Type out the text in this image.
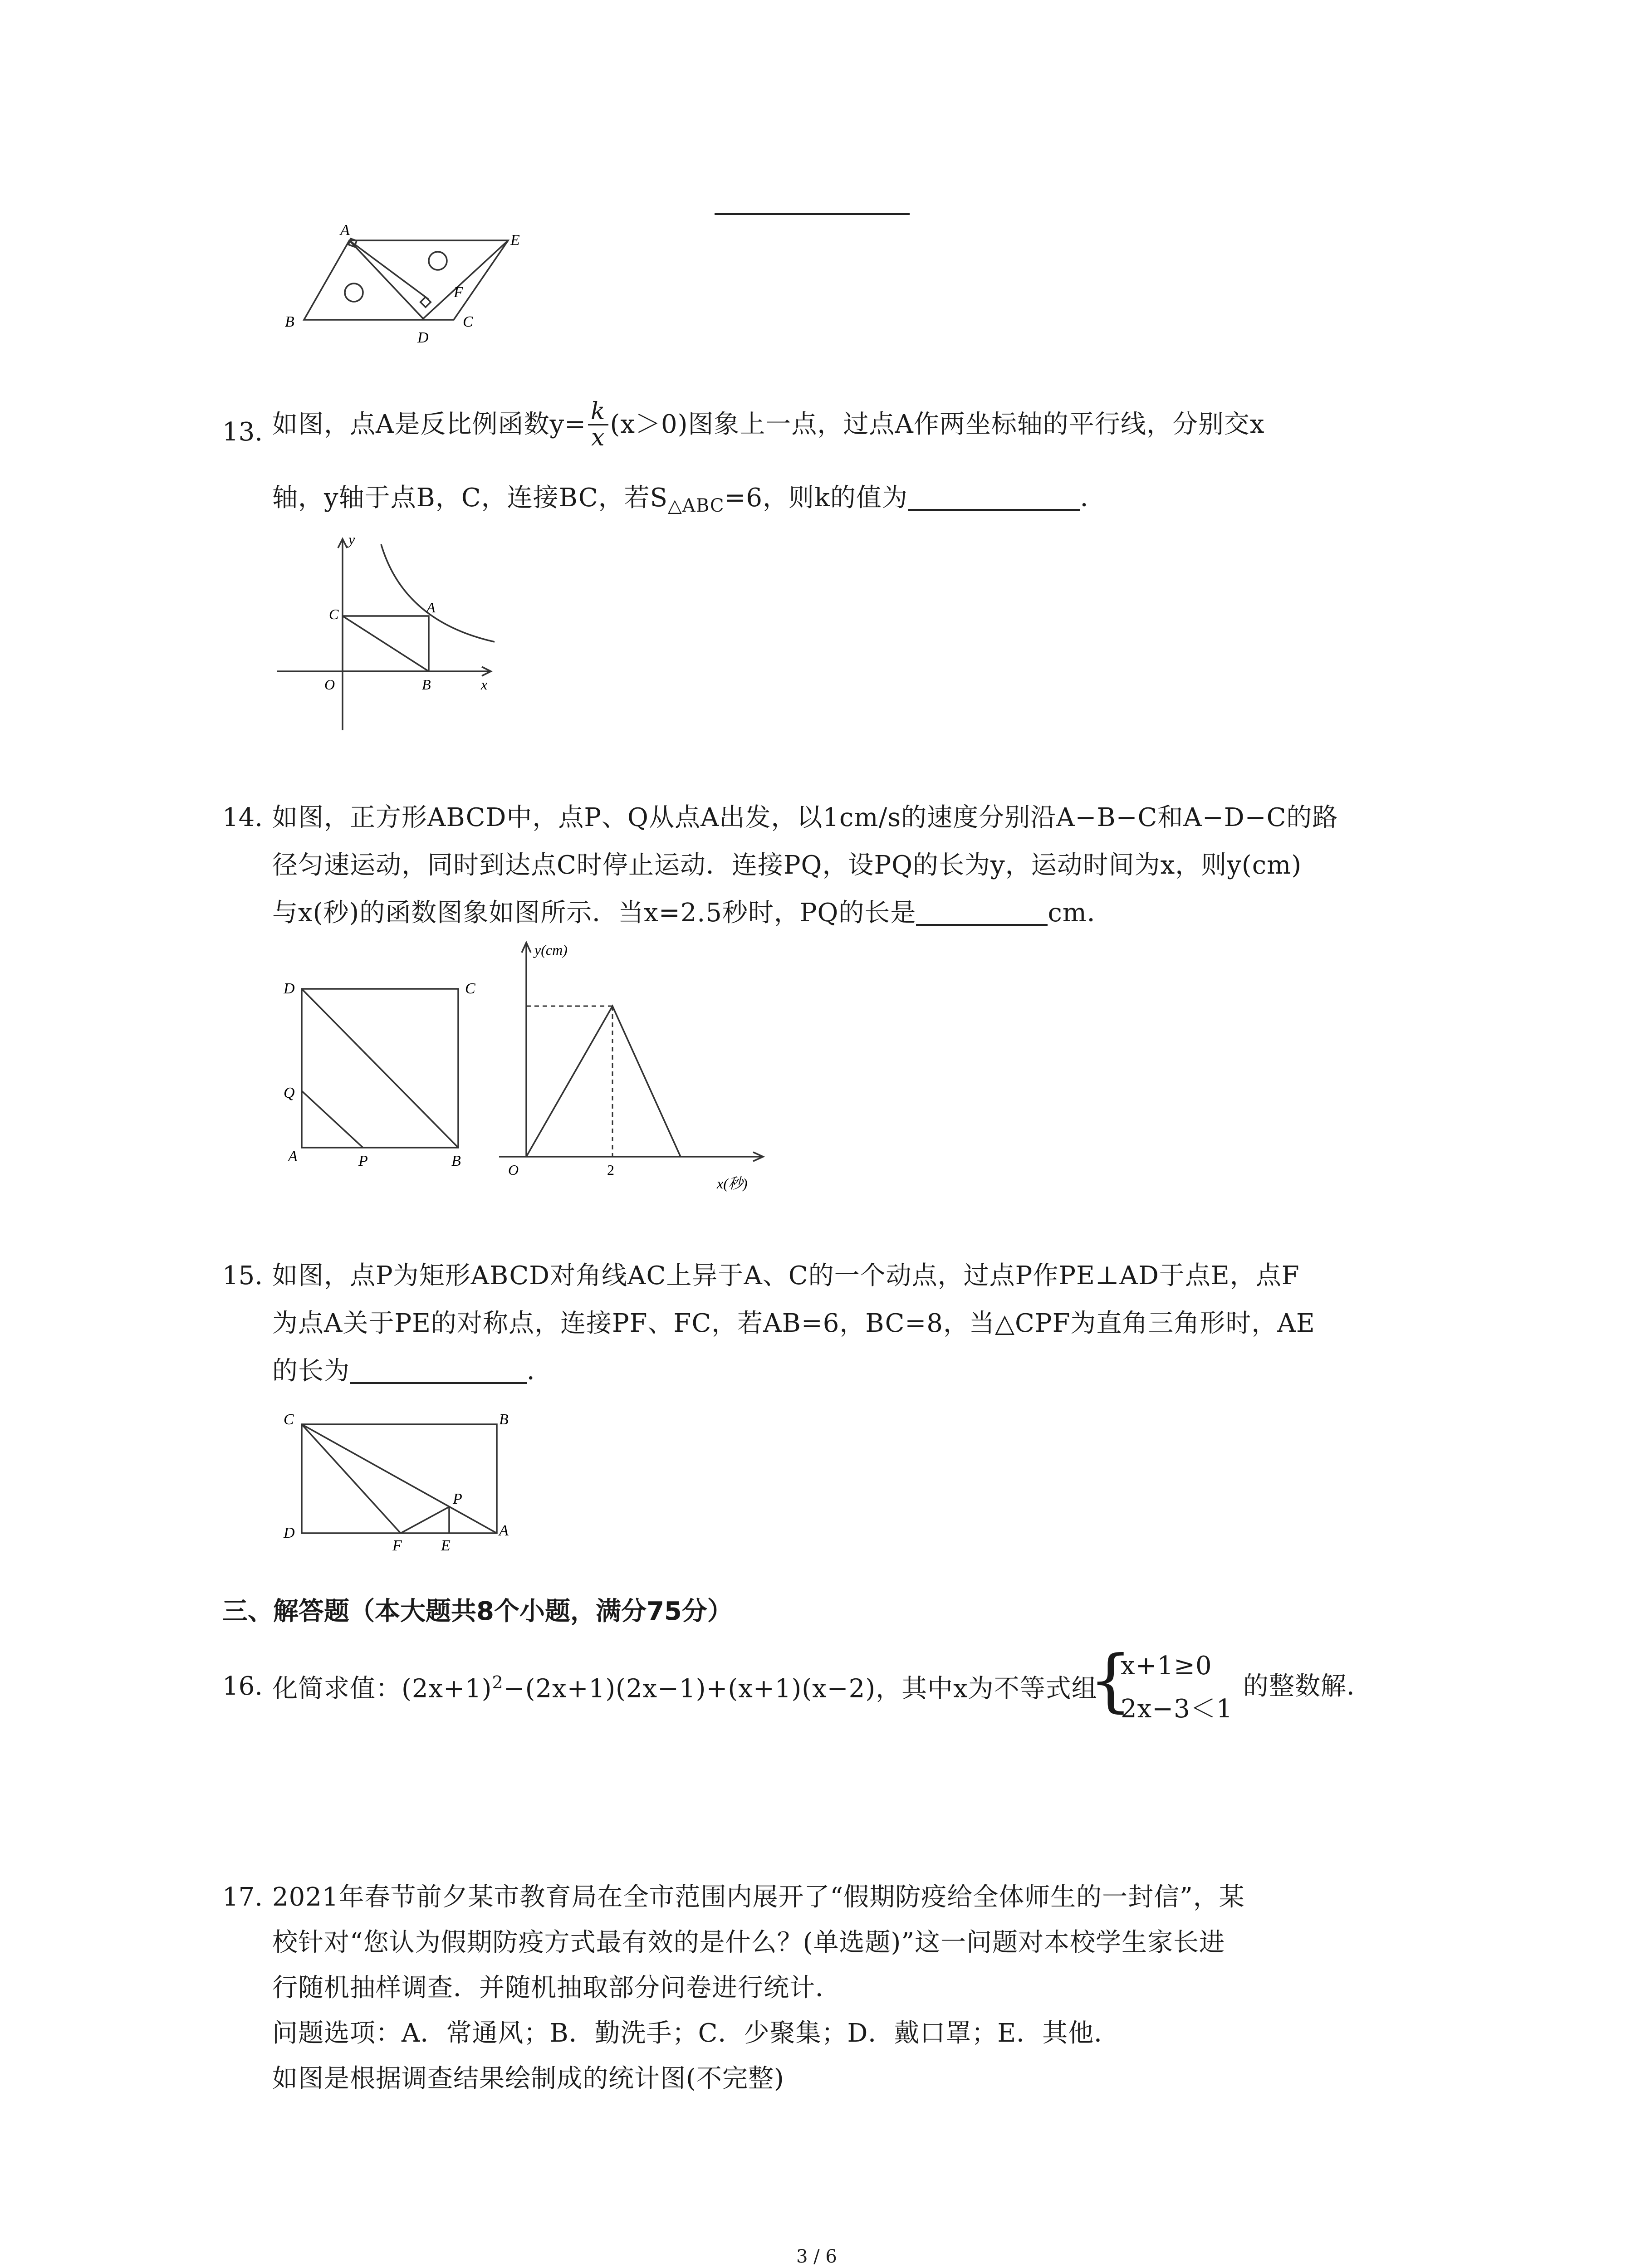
A
E
B
D
C
F
13. 如图，点A是反比例函数$y= \frac{k}{x} (x>0)$图象上一点，过点A作两坐标轴的平行线，分别交x
轴，y轴于点B，C，连接BC，若$S_{\triangle ABC}=6$，则k的值为	．
y
x
O
C	A
B
14. 如图，正方形ABCD中，点P、Q从点A出发，以1cm/s的速度分别沿A−B−C和A−D−C的路
径匀速运动，同时到达点C时停止运动．连接PQ，设PQ的长为y，运动时间为x，则y(cm)
与x(秒)的函数图象如图所示．当x=2.5秒时，PQ的长是	cm．
D	C
Q
A	P	B
y(cm)
O	2
x(秒)
15. 如图，点P为矩形ABCD对角线AC上异于A、C的一个动点，过点P作PE⊥AD于点E，点F
为点A关于PE的对称点，连接PF、FC，若AB=6，BC=8，当△CPF为直角三角形时，AE
的长为	．
C	B
D
P
A
F	E
三、解答题（本大题共8个小题，满分75分）
16. 化简求值：$(2x+1)^2-(2x+1)(2x-1)+(x+1)(x-2)$，其中x为不等式组
{
x+1≥0
2x−3＜1
的整数解．
17. 2021年春节前夕某市教育局在全市范围内展开了“假期防疫给全体师生的一封信”，某
校针对“您认为假期防疫方式最有效的是什么？(单选题)”这一问题对本校学生家长进
行随机抽样调查．并随机抽取部分问卷进行统计．
问题选项：A．常通风；B．勤洗手；C．少聚集；D．戴口罩；E．其他．
如图是根据调查结果绘制成的统计图(不完整)
3 / 6
